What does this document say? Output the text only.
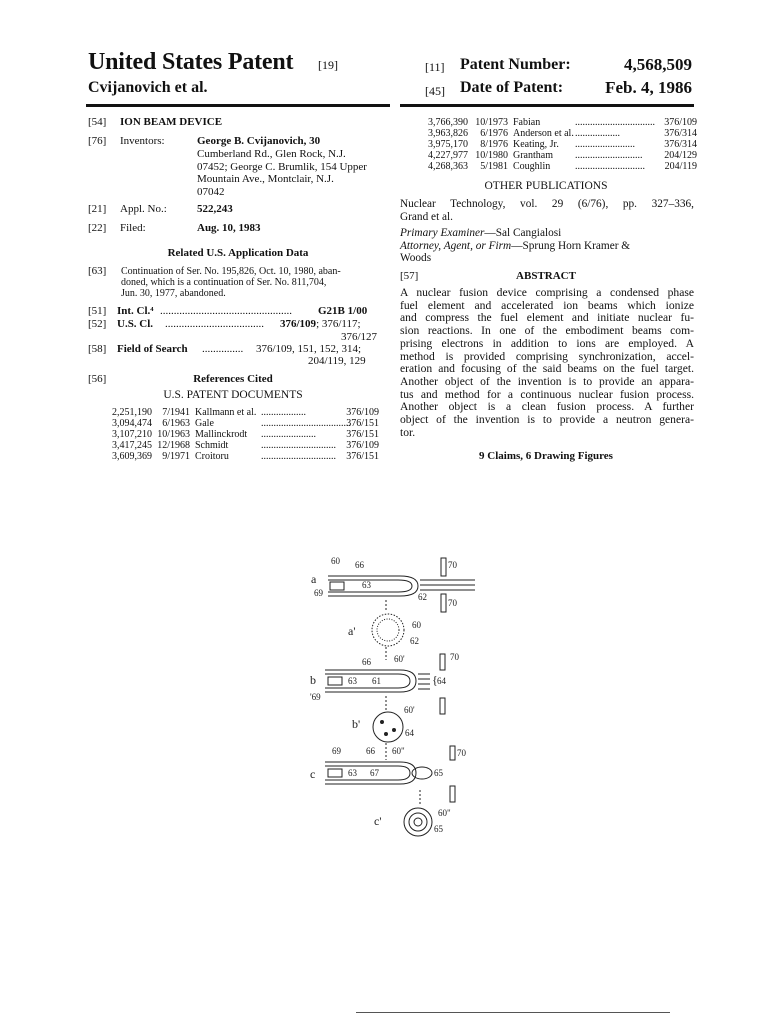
United States Patent [19]
Cvijanovich et al.
[11] Patent Number:	4,568,509
[45] Date of Patent:	Feb. 4, 1986
[54] ION BEAM DEVICE
[76] Inventors:	George B. Cvijanovich, 30
Cumberland Rd., Glen Rock, N.J.
07452; George C. Brumlik, 154 Upper
Mountain Ave., Montclair, N.J.
07042
[21] Appl. No.:	522,243
[22] Filed:	Aug. 10, 1983
Related U.S. Application Data
[63] Continuation of Ser. No. 195,826, Oct. 10, 1980, aban-
doned, which is a continuation of Ser. No. 811,704,
Jun. 30, 1977, abandoned.
[51] Int. Cl.⁴ ................................................	G21B 1/00
[52] U.S. Cl. ....................................	376/109; 376/117;
376/127
[58] Field of Search ...............	376/109, 151, 152, 314;
204/119, 129
[56]	References Cited
U.S. PATENT DOCUMENTS
2,251,190 7/1941 Kallmann et al. ..................	376/109
3,094,474 6/1963 Gale	....................................376/151
3,107,210 10/1963 Mallinckrodt ......................	376/151
3,417,245 12/1968 Schmidt	.............................. 376/109
3,609,369 9/1971 Croitoru	.............................. 376/151
3,766,390 10/1973 Fabian	................................ 376/109
3,963,826 6/1976 Anderson et al...................	376/314
3,975,170 8/1976 Keating, Jr. ........................	376/314
4,227,977 10/1980 Grantham ........................... 204/129
4,268,363 5/1981 Coughlin ............................ 204/119
OTHER PUBLICATIONS
Nuclear Technology, vol. 29 (6/76), pp. 327–336,
Grand et al.
Primary Examiner—Sal Cangialosi
Attorney, Agent, or Firm—Sprung Horn Kramer &
Woods
[57]	ABSTRACT
A nuclear fusion device comprising a condensed phase
fuel element and accelerated ion beams which ionize
and compress the fuel element and initiate nuclear fu-
sion reactions. In one of the embodiment beams com-
prising electrons in addition to ions are employed. A
method is provided comprising synchronization, accel-
eration and focusing of the said beams on the fuel target.
Another object of the invention is to provide an appara-
tus and method for a continuous nuclear fusion process.
Another object is a clean fusion process. A further
object of the invention is to provide a neutron genera-
tor.
9 Claims, 6 Drawing Figures
a
60 66
69
63
62
70
70
a'	60
62
b
66	60'
'69
63 61	{ 64
70
b'
60'
64
c
69	66 60"
63 67	65
70
c'
60"
65
